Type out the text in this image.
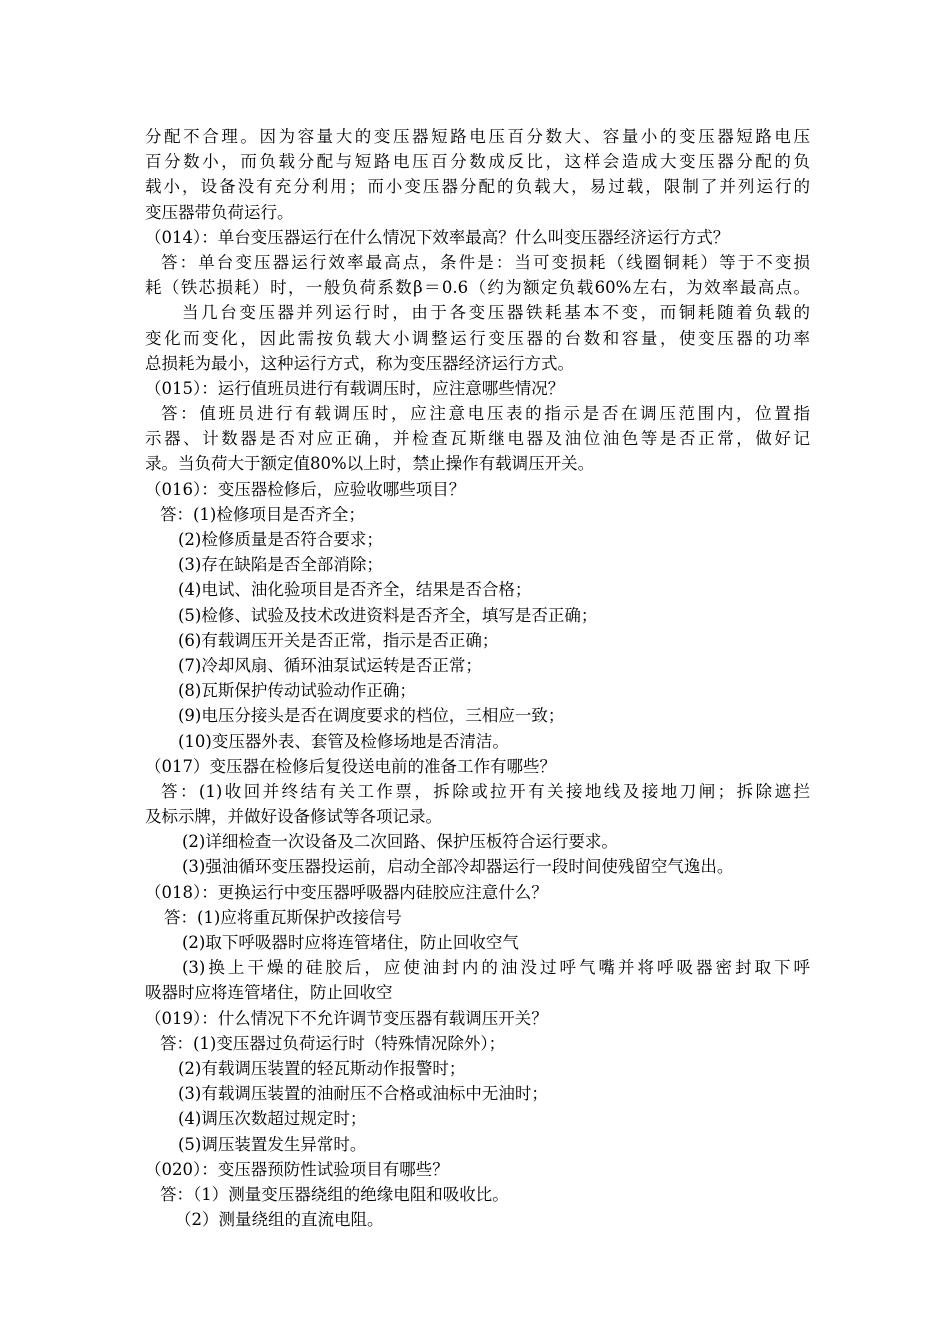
分配不合理。因为容量大的变压器短路电压百分数大、容量小的变压器短路电压
百分数小，而负载分配与短路电压百分数成反比，这样会造成大变压器分配的负
载小，设备没有充分利用；而小变压器分配的负载大，易过载，限制了并列运行的
变压器带负荷运行。
（014）：单台变压器运行在什么情况下效率最高？什么叫变压器经济运行方式？
答：单台变压器运行效率最高点，条件是：当可变损耗（线圈铜耗）等于不变损
耗（铁芯损耗）时，一般负荷系数β＝0.6（约为额定负载60%左右，为效率最高点。
当几台变压器并列运行时，由于各变压器铁耗基本不变，而铜耗随着负载的
变化而变化，因此需按负载大小调整运行变压器的台数和容量，使变压器的功率
总损耗为最小，这种运行方式，称为变压器经济运行方式。
（015）：运行值班员进行有载调压时，应注意哪些情况？
答：值班员进行有载调压时，应注意电压表的指示是否在调压范围内，位置指
示器、计数器是否对应正确，并检查瓦斯继电器及油位油色等是否正常，做好记
录。当负荷大于额定值80%以上时，禁止操作有载调压开关。
（016）：变压器检修后，应验收哪些项目？
答：(1)检修项目是否齐全；
(2)检修质量是否符合要求；
(3)存在缺陷是否全部消除；
(4)电试、油化验项目是否齐全，结果是否合格；
(5)检修、试验及技术改进资料是否齐全，填写是否正确；
(6)有载调压开关是否正常，指示是否正确；
(7)冷却风扇、循环油泵试运转是否正常；
(8)瓦斯保护传动试验动作正确；
(9)电压分接头是否在调度要求的档位，三相应一致；
(10)变压器外表、套管及检修场地是否清洁。
（017）变压器在检修后复役送电前的准备工作有哪些？
答：(1)收回并终结有关工作票，拆除或拉开有关接地线及接地刀闸；拆除遮拦
及标示牌，并做好设备修试等各项记录。
(2)详细检查一次设备及二次回路、保护压板符合运行要求。
(3)强油循环变压器投运前，启动全部冷却器运行一段时间使残留空气逸出。
（018）：更换运行中变压器呼吸器内硅胶应注意什么？
答：(1)应将重瓦斯保护改接信号
(2)取下呼吸器时应将连管堵住，防止回收空气
(3)换上干燥的硅胶后，应使油封内的油没过呼气嘴并将呼吸器密封取下呼
吸器时应将连管堵住，防止回收空
（019）：什么情况下不允许调节变压器有载调压开关？
答：(1)变压器过负荷运行时（特殊情况除外）；
(2)有载调压装置的轻瓦斯动作报警时；
(3)有载调压装置的油耐压不合格或油标中无油时；
(4)调压次数超过规定时；
(5)调压装置发生异常时。
（020）：变压器预防性试验项目有哪些？
答：（1）测量变压器绕组的绝缘电阻和吸收比。
（2）测量绕组的直流电阻。
